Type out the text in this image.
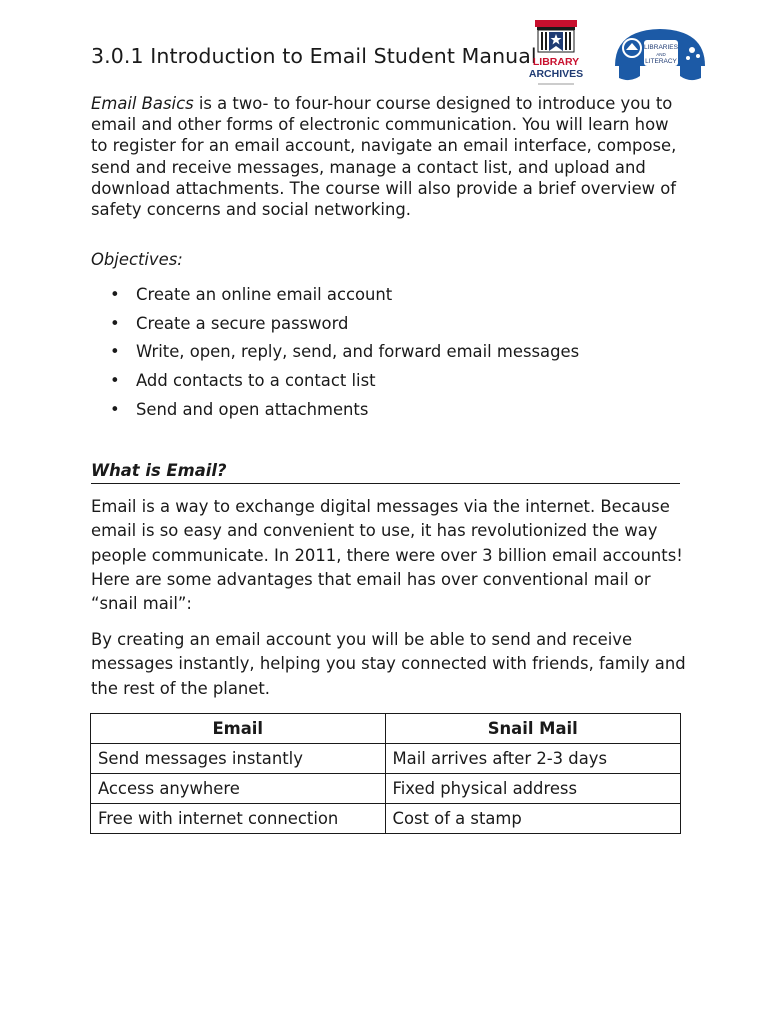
3.0.1 Introduction to Email Student Manual
LIBRARY
ARCHIVES
LIBRARIES
AND
LITERACY

Email Basics is a two- to four-hour course designed to introduce you to email and other forms of electronic communication. You will learn how to register for an email account, navigate an email interface, compose, send and receive messages, manage a contact list, and upload and download attachments. The course will also provide a brief overview of safety concerns and social networking.

Objectives:

• Create an online email account
• Create a secure password
• Write, open, reply, send, and forward email messages
• Add contacts to a contact list
• Send and open attachments
What is Email?

Email is a way to exchange digital messages via the internet. Because email is so easy and convenient to use, it has revolutionized the way people communicate. In 2011, there were over 3 billion email accounts! Here are some advantages that email has over conventional mail or “snail mail”:

By creating an email account you will be able to send and receive messages instantly, helping you stay connected with friends, family and the rest of the planet.

Email	Snail Mail
Send messages instantly	Mail arrives after 2-3 days
Access anywhere	Fixed physical address
Free with internet connection	Cost of a stamp
